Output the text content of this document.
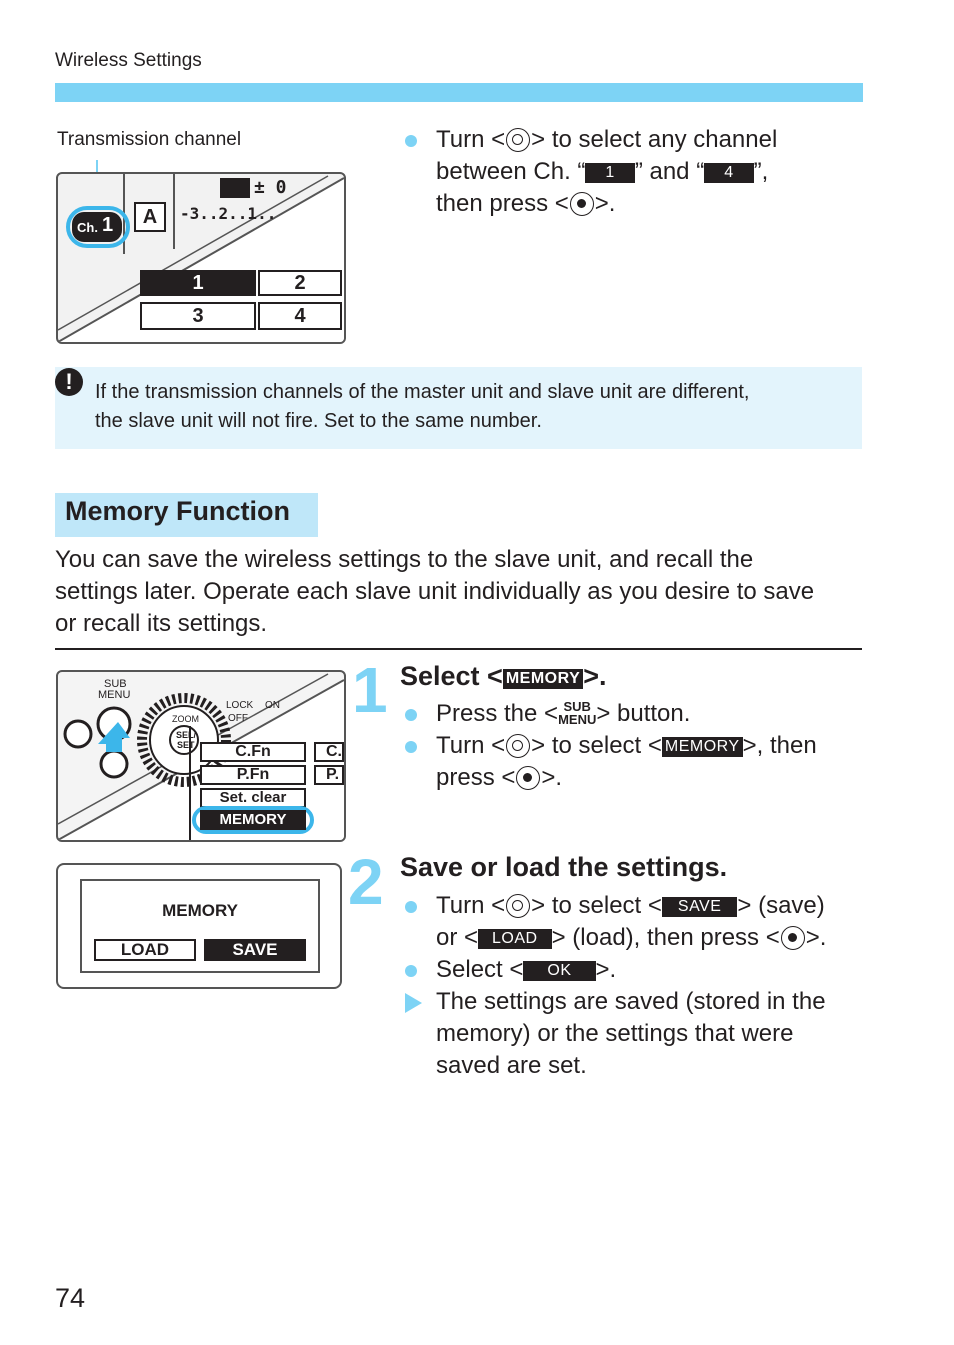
Wireless Settings
Transmission channel
A
± 0
-3..2..1..
Ch. 1
1	2
3	4
Turn < > to select any channel
between Ch. “ 1 ” and “ 4 ”,
then press < >.
!	If the transmission channels of the master unit and slave unit are different,
the slave unit will not fire. Set to the same number.
Memory Function
You can save the wireless settings to the slave unit, and recall the
settings later. Operate each slave unit individually as you desire to save
or recall its settings.
SUB
MENU
ZOOM
SEL/
SET
LOCK
OFF
ON
C.Fn
P.Fn
Set. clear
C.
P.
MEMORY
1 Select < MEMORY >.
Press the < SUB
MENU> button.
Turn < > to select < MEMORY >, then
press < >.
MEMORY
LOAD	SAVE
2 Save or load the settings.
Turn < > to select < SAVE > (save)
or < LOAD > (load), then press < >.
Select < OK >.
The settings are saved (stored in the
memory) or the settings that were
saved are set.
74
